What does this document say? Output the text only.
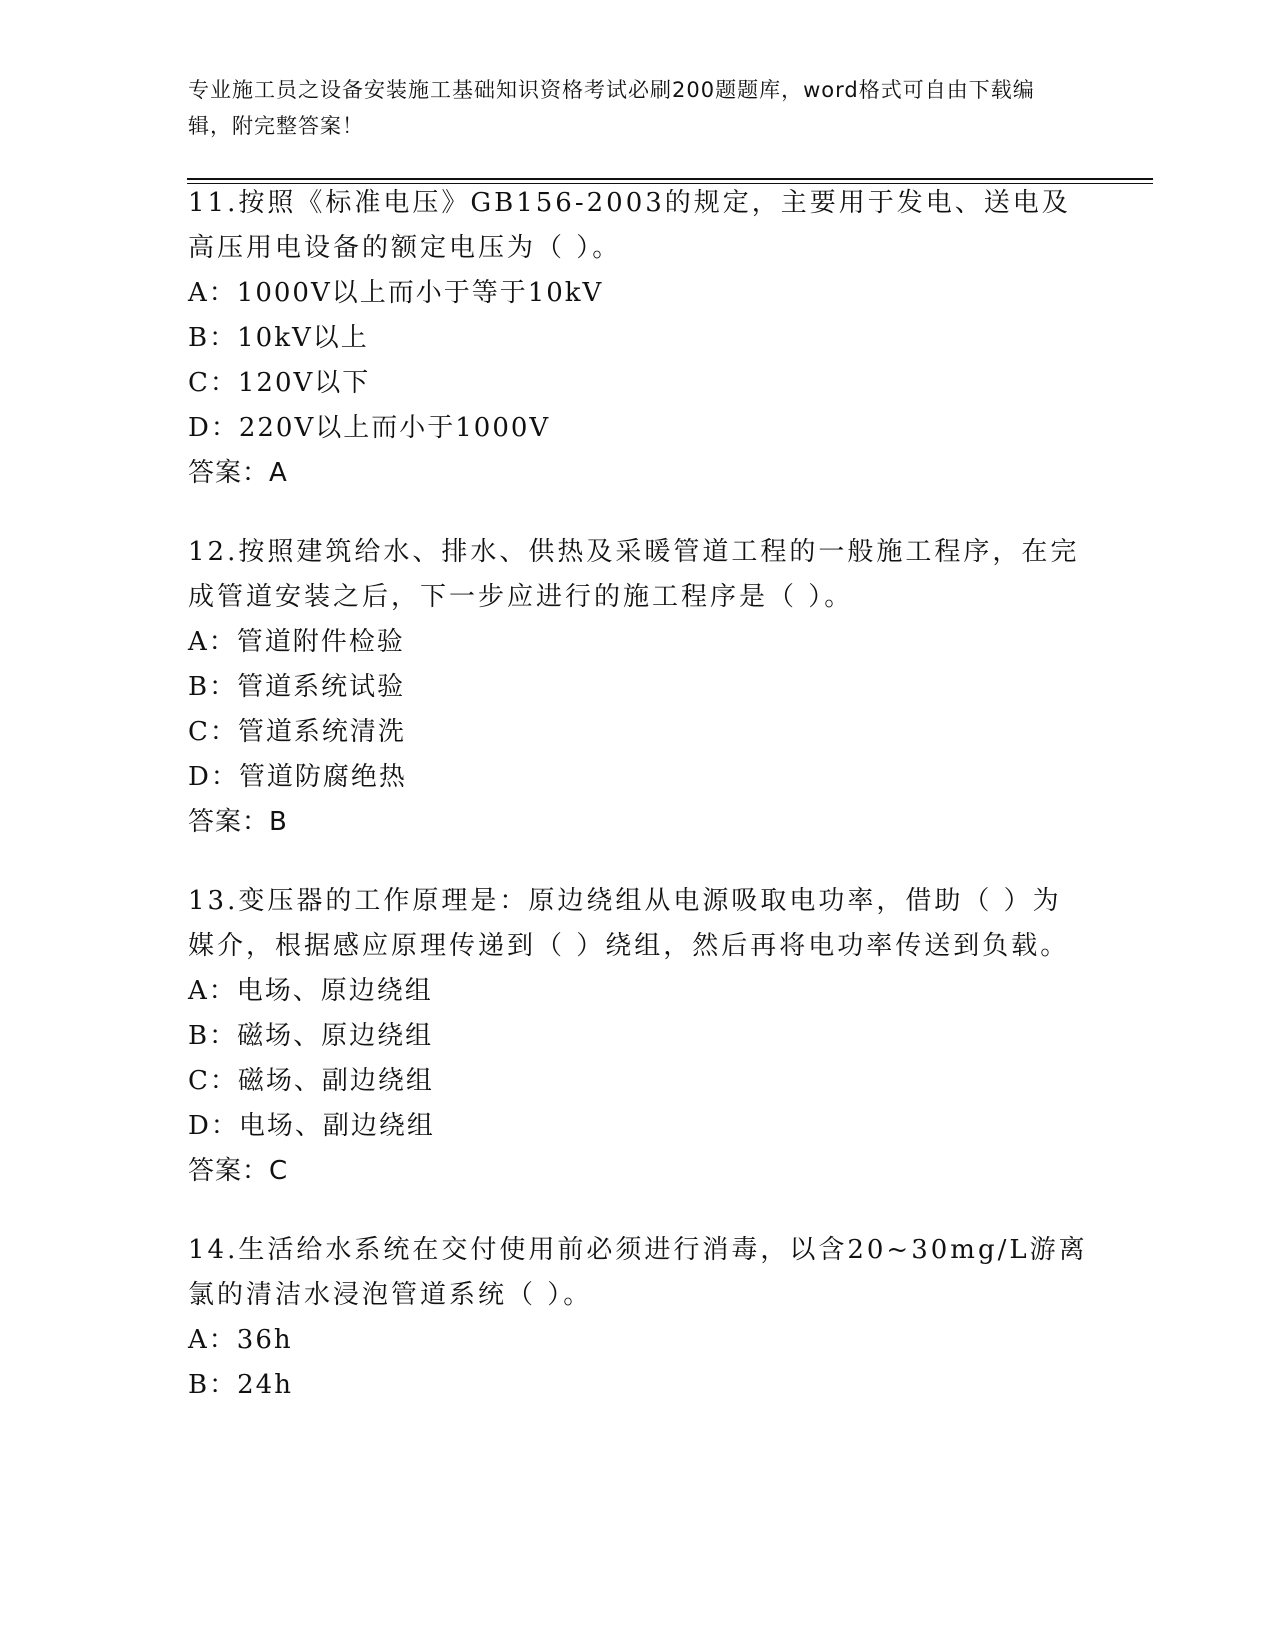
专业施工员之设备安装施工基础知识资格考试必刷200题题库，word格式可自由下载编辑，附完整答案！

11.按照《标准电压》GB156-2003的规定，主要用于发电、送电及高压用电设备的额定电压为（ ）。

A：1000V以上而小于等于10kV

B：10kV以上

C：120V以下

D：220V以上而小于1000V

答案：A

12.按照建筑给水、排水、供热及采暖管道工程的一般施工程序，在完成管道安装之后，下一步应进行的施工程序是（ ）。

A：管道附件检验

B：管道系统试验

C：管道系统清洗

D：管道防腐绝热

答案：B

13.变压器的工作原理是：原边绕组从电源吸取电功率，借助（ ）为媒介，根据感应原理传递到（ ）绕组，然后再将电功率传送到负载。

A：电场、原边绕组

B：磁场、原边绕组

C：磁场、副边绕组

D：电场、副边绕组

答案：C

14.生活给水系统在交付使用前必须进行消毒，以含20~30mg/L游离氯的清洁水浸泡管道系统（ ）。

A：36h

B：24h
